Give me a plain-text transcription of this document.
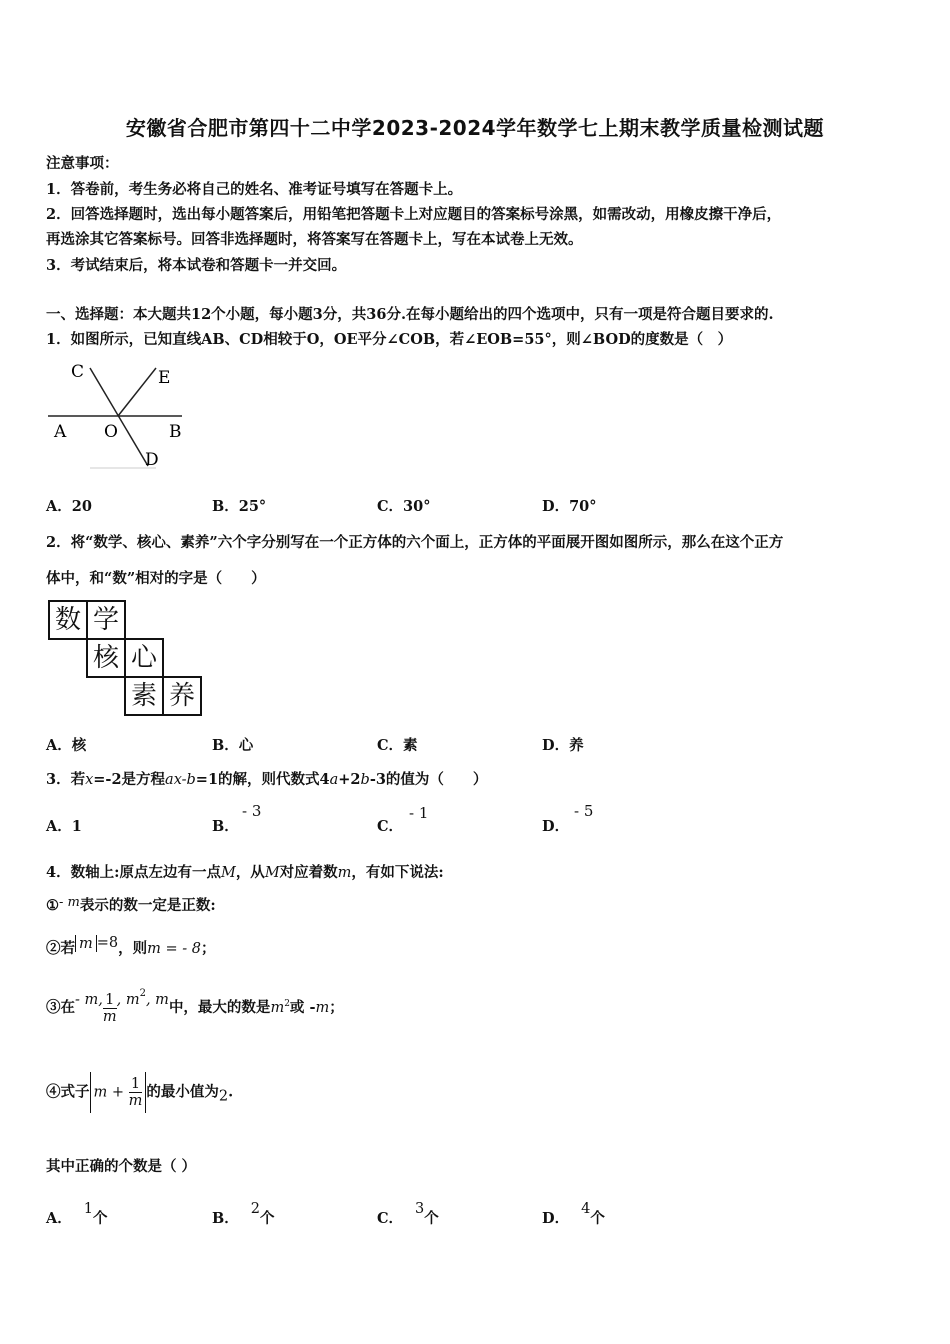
安徽省合肥市第四十二中学2023-2024学年数学七上期末教学质量检测试题
注意事项：
1．答卷前，考生务必将自己的姓名、准考证号填写在答题卡上。
2．回答选择题时，选出每小题答案后，用铅笔把答题卡上对应题目的答案标号涂黑，如需改动，用橡皮擦干净后，
再选涂其它答案标号。回答非选择题时，将答案写在答题卡上，写在本试卷上无效。
3．考试结束后，将本试卷和答题卡一并交回。
一、选择题：本大题共12个小题，每小题3分，共36分.在每小题给出的四个选项中，只有一项是符合题目要求的.
1．如图所示，已知直线AB、CD相较于O，OE平分∠COB，若∠EOB=55°，则∠BOD的度数是（　）
C	E
A O	B
D
A．20	B．25°	C．30°	D．70°
2．将“数学、核心、素养”六个字分别写在一个正方体的六个面上，正方体的平面展开图如图所示，那么在这个正方
体中，和“数”相对的字是（　　）
数 学
核 心
素 养
A．核	B．心	C．素	D．养
3．若x=-2是方程ax-b=1的解，则代数式4a+2b-3的值为（　　）
A．1	B．
- 3
C．
- 1
D．
- 5
4．数轴上:原点左边有一点M，从M对应着数m，有如下说法:
①- m表示的数一定是正数:
②若 m =8，则m = - 8；
③在- m, $\frac{1}{m}$ , $m^2$, m中，最大的数是$m^2$或 -m；
④式子 $m + \frac{1}{m}$ 的最小值为2.
其中正确的个数是（ ）
A．1个	B．2个	C．3个	D．4个
